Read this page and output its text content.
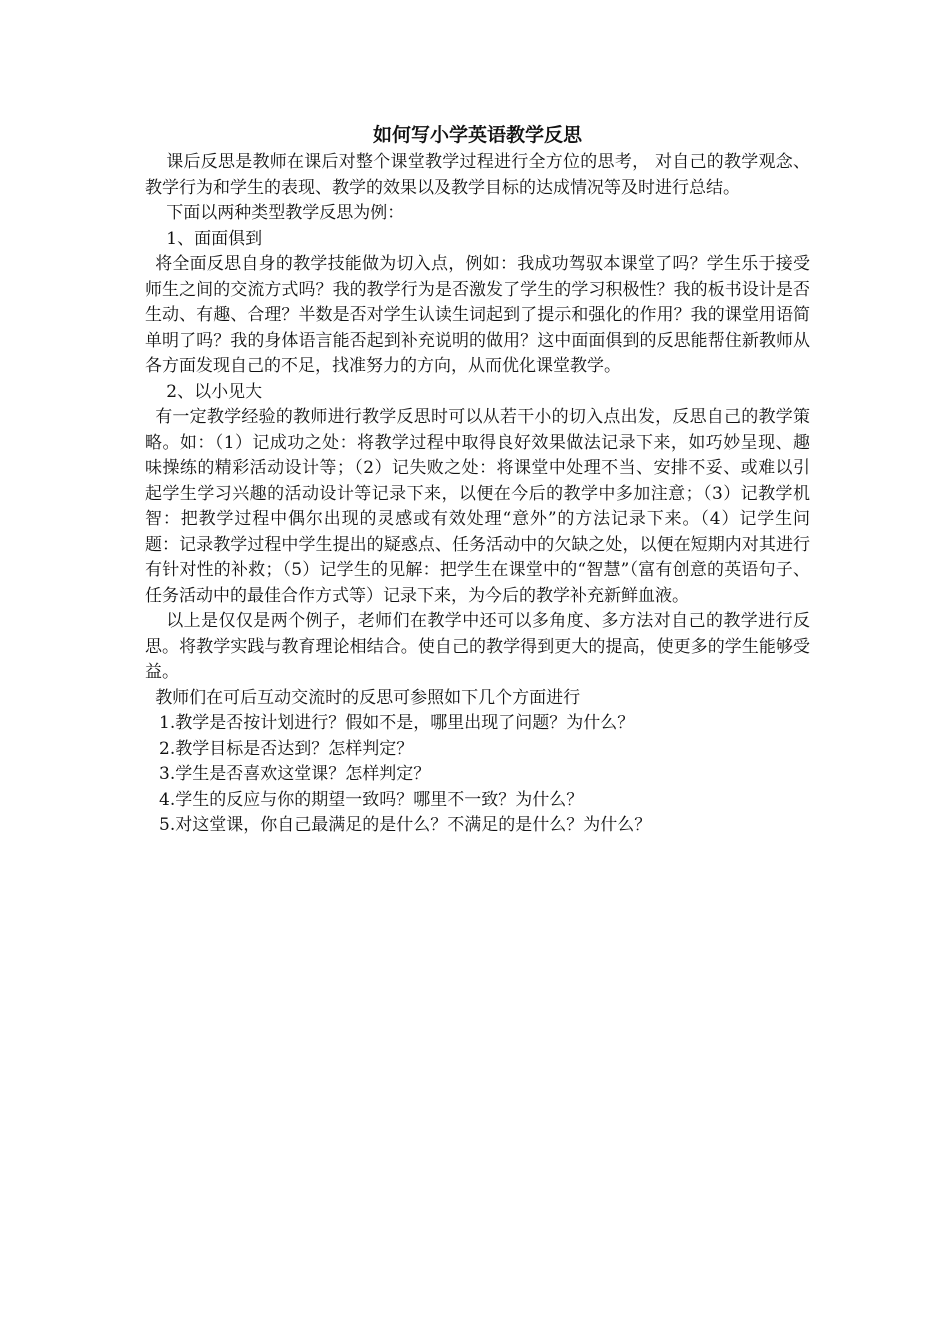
如何写小学英语教学反思

课后反思是教师在课后对整个课堂教学过程进行全方位的思考， 对自己的教学观念、教学行为和学生的表现、教学的效果以及教学目标的达成情况等及时进行总结。

下面以两种类型教学反思为例：

1、面面俱到

将全面反思自身的教学技能做为切入点，例如：我成功驾驭本课堂了吗？学生乐于接受师生之间的交流方式吗？我的教学行为是否激发了学生的学习积极性？我的板书设计是否生动、有趣、合理？半数是否对学生认读生词起到了提示和强化的作用？我的课堂用语简单明了吗？我的身体语言能否起到补充说明的做用？这中面面俱到的反思能帮住新教师从各方面发现自己的不足，找准努力的方向，从而优化课堂教学。

2、以小见大

有一定教学经验的教师进行教学反思时可以从若干小的切入点出发，反思自己的教学策略。如：（1）记成功之处：将教学过程中取得良好效果做法记录下来，如巧妙呈现、趣味操练的精彩活动设计等；（2）记失败之处：将课堂中处理不当、安排不妥、或难以引起学生学习兴趣的活动设计等记录下来，以便在今后的教学中多加注意；（3）记教学机智：把教学过程中偶尔出现的灵感或有效处理“意外”的方法记录下来。（4）记学生问题：记录教学过程中学生提出的疑惑点、任务活动中的欠缺之处，以便在短期内对其进行有针对性的补救；（5）记学生的见解：把学生在课堂中的“智慧”（富有创意的英语句子、任务活动中的最佳合作方式等）记录下来，为今后的教学补充新鲜血液。

以上是仅仅是两个例子，老师们在教学中还可以多角度、多方法对自己的教学进行反思。将教学实践与教育理论相结合。使自己的教学得到更大的提高，使更多的学生能够受益。

教师们在可后互动交流时的反思可参照如下几个方面进行

1.教学是否按计划进行？假如不是，哪里出现了问题？为什么？

2.教学目标是否达到？怎样判定？

3.学生是否喜欢这堂课？怎样判定？

4.学生的反应与你的期望一致吗？哪里不一致？为什么？

5.对这堂课，你自己最满足的是什么？不满足的是什么？为什么？
